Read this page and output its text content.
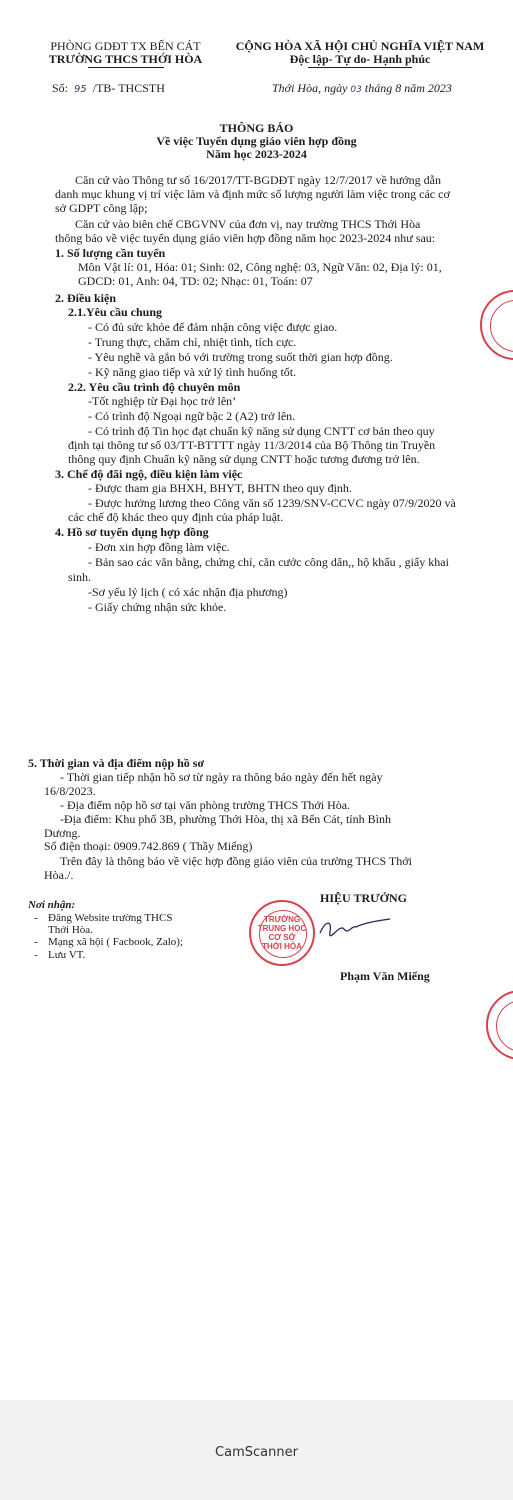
PHÒNG GDĐT TX BẾN CÁT
TRƯỜNG THCS THỚI HÒA
Số: 95 /TB- THCSTH
CỘNG HÒA XÃ HỘI CHỦ NGHĨA VIỆT NAM
Độc lập- Tự do- Hạnh phúc
Thới Hòa, ngày 03 tháng 8 năm 2023
THÔNG BÁO
Về việc Tuyển dụng giáo viên hợp đồng
Năm học 2023-2024
Căn cứ vào Thông tư số 16/2017/TT-BGDĐT ngày 12/7/2017 về hướng dẫn
danh mục khung vị trí việc làm và định mức số lượng người làm việc trong các cơ
sở GDPT công lập;
Căn cứ vào biên chế CBGVNV của đơn vị, nay trường THCS Thới Hòa
thông báo về việc tuyển dụng giáo viên hợp đồng năm học 2023-2024 như sau:
1. Số lượng cần tuyển
Môn Vật lí: 01, Hóa: 01; Sinh: 02, Công nghệ: 03, Ngữ Văn: 02, Địa lý: 01,
GDCD: 01, Anh: 04, TD: 02; Nhạc: 01, Toán: 07
2. Điều kiện
2.1.Yêu cầu chung
- Có đủ sức khỏe để đảm nhận công việc được giao.
- Trung thực, chăm chỉ, nhiệt tình, tích cực.
- Yêu nghề và gắn bó với trường trong suốt thời gian hợp đồng.
- Kỹ năng giao tiếp và xử lý tình huống tốt.
2.2. Yêu cầu trình độ chuyên môn
-Tốt nghiệp từ Đại học trở lên’
- Có trình độ Ngoại ngữ bậc 2 (A2) trở lên.
- Có trình độ Tin học đạt chuẩn kỹ năng sử dụng CNTT cơ bản theo quy
định tại thông tư số 03/TT-BTTTT ngày 11/3/2014 của Bộ Thông tin Truyền
thông quy định Chuẩn kỹ năng sử dụng CNTT hoặc tương đương trở lên.
3. Chế độ đãi ngộ, điều kiện làm việc
- Được tham gia BHXH, BHYT, BHTN theo quy định.
- Được hưởng lương theo Công văn số 1239/SNV-CCVC ngày 07/9/2020 và
các chế độ khác theo quy định của pháp luật.
4. Hồ sơ tuyển dụng hợp đồng
- Đơn xin hợp đồng làm việc.
- Bản sao các văn bằng, chứng chỉ, căn cước công dân,, hộ khẩu , giấy khai
sinh.
-Sơ yếu lý lịch ( có xác nhận địa phương)
- Giấy chứng nhận sức khỏe.
5. Thời gian và địa điểm nộp hồ sơ
- Thời gian tiếp nhận hồ sơ từ ngày ra thông báo ngày đến hết ngày
16/8/2023.
- Địa điểm nộp hồ sơ tại văn phòng trường THCS Thới Hòa.
-Địa điểm: Khu phố 3B, phường Thới Hòa, thị xã Bến Cát, tỉnh Bình
Dương.
Số điện thoại: 0909.742.869 ( Thầy Miếng)
Trên đây là thông báo về việc hợp đồng giáo viên của trường THCS Thới
Hòa./.
Nơi nhận:
- Đăng Website trường THCS
Thới Hòa.
- Mạng xã hội ( Facbook, Zalo);
- Lưu VT.
HIỆU TRƯỞNG
Phạm Văn Miếng
TRƯỜNG
TRUNG HỌC
CƠ SỞ
THỚI HÒA
CamScanner
